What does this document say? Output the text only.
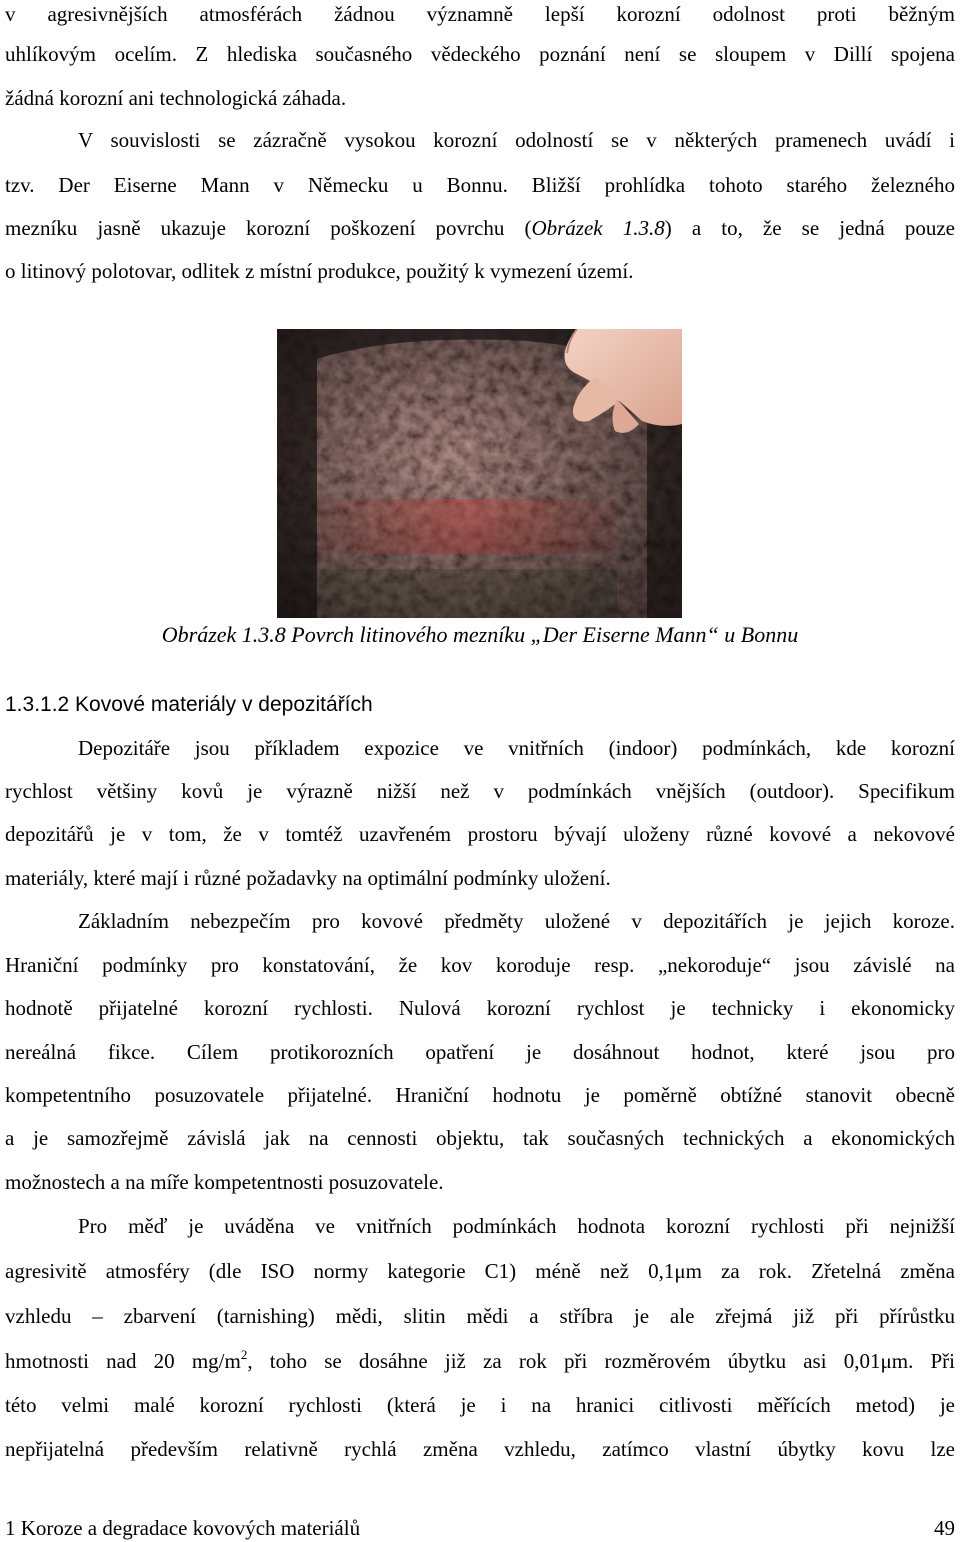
v agresivnějších atmosférách žádnou významně lepší korozní odolnost proti běžným
uhlíkovým ocelím. Z hlediska současného vědeckého poznání není se sloupem v Dillí spojena
žádná korozní ani technologická záhada.
V souvislosti se zázračně vysokou korozní odolností se v některých pramenech uvádí i
tzv. Der Eiserne Mann v Německu u Bonnu. Bližší prohlídka tohoto starého železného
mezníku jasně ukazuje korozní poškození povrchu (Obrázek 1.3.8) a to, že se jedná pouze
o litinový polotovar, odlitek z místní produkce, použitý k vymezení území.
Obrázek 1.3.8 Povrch litinového mezníku „Der Eiserne Mann“ u Bonnu
1.3.1.2 Kovové materiály v depozitářích
Depozitáře jsou příkladem expozice ve vnitřních (indoor) podmínkách, kde korozní
rychlost většiny kovů je výrazně nižší než v podmínkách vnějších (outdoor). Specifikum
depozitářů je v tom, že v tomtéž uzavřeném prostoru bývají uloženy různé kovové a nekovové
materiály, které mají i různé požadavky na optimální podmínky uložení.
Základním nebezpečím pro kovové předměty uložené v depozitářích je jejich koroze.
Hraniční podmínky pro konstatování, že kov koroduje resp. „nekoroduje“ jsou závislé na
hodnotě přijatelné korozní rychlosti. Nulová korozní rychlost je technicky i ekonomicky
nereálná fikce. Cílem protikorozních opatření je dosáhnout hodnot, které jsou pro
kompetentního posuzovatele přijatelné. Hraniční hodnotu je poměrně obtížné stanovit obecně
a je samozřejmě závislá jak na cennosti objektu, tak současných technických a ekonomických
možnostech a na míře kompetentnosti posuzovatele.
Pro měď je uváděna ve vnitřních podmínkách hodnota korozní rychlosti při nejnižší
agresivitě atmosféry (dle ISO normy kategorie C1) méně než 0,1μm za rok. Zřetelná změna
vzhledu – zbarvení (tarnishing) mědi, slitin mědi a stříbra je ale zřejmá již při přírůstku
hmotnosti nad 20 $mg/m^2$, toho se dosáhne již za rok při rozměrovém úbytku asi 0,01μm. Při
této velmi malé korozní rychlosti (která je i na hranici citlivosti měřících metod) je
nepřijatelná především relativně rychlá změna vzhledu, zatímco vlastní úbytky kovu lze
1 Koroze a degradace kovových materiálů	49
